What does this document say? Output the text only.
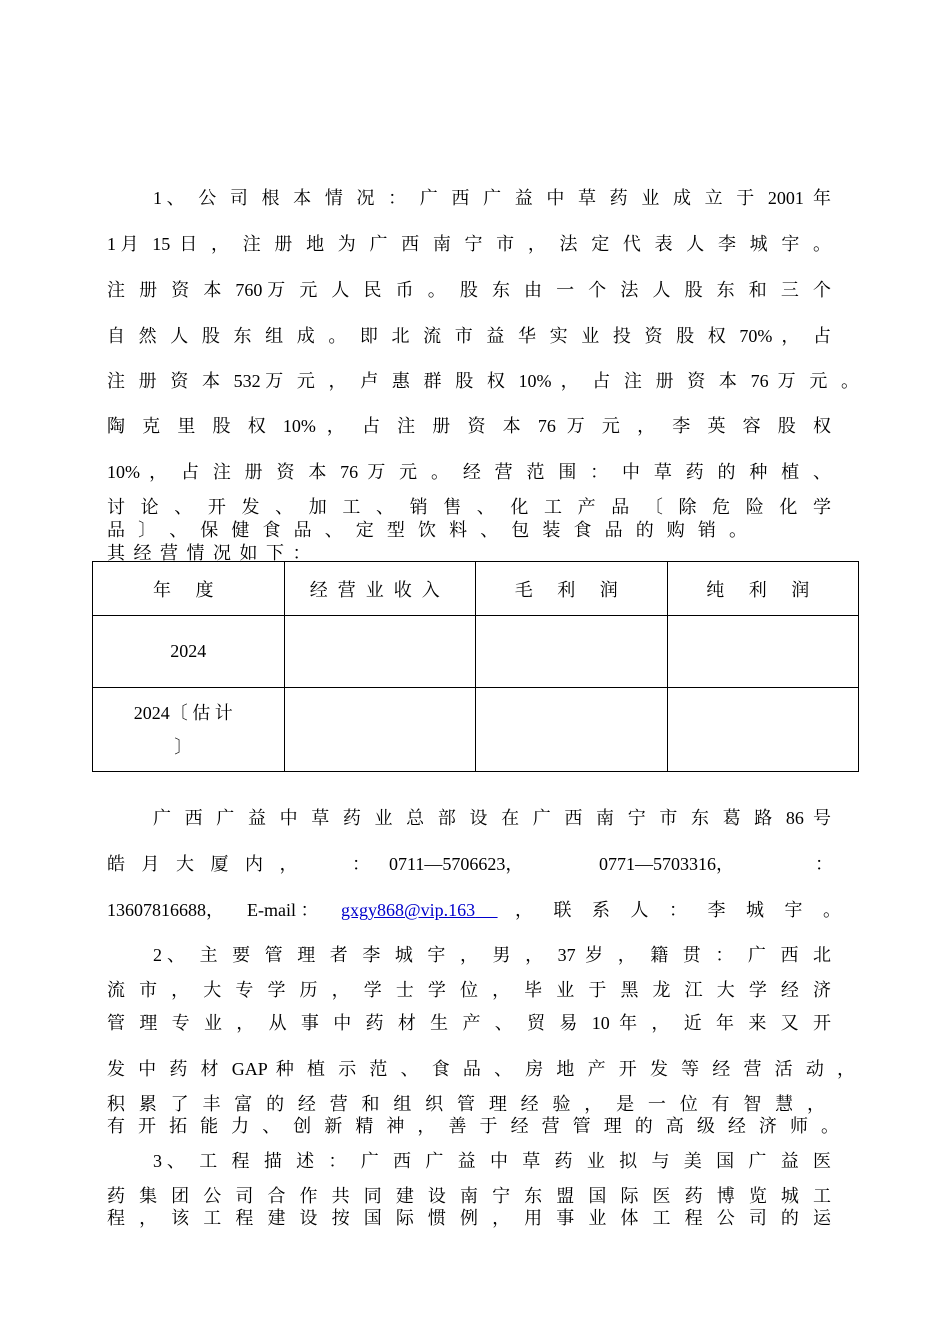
1、 公 司 根 本 情 况 ： 广 西 广 益 中 草 药 业 成 立 于 2001 年
1月 15 日 ， 注 册 地 为 广 西 南 宁 市 ， 法 定 代 表 人 李 城 宇 。
注 册 资 本 760万 元 人 民 币 。 股 东 由 一 个 法 人 股 东 和 三 个
自 然 人 股 东 组 成 。 即 北 流 市 益 华 实 业 投 资 股 权 70% ， 占
注 册 资 本 532万 元 ， 卢 惠 群 股 权 10% ， 占 注 册 资 本 76 万 元 。
陶 克 里 股 权 10% ， 占 注 册 资 本 76 万 元 ， 李 英 容 股 权
10% ， 占 注 册 资 本 76 万 元 。 经 营 范 围 ： 中 草 药 的 种 植 、
讨 论 、 开 发 、 加 工 、 销 售 、 化 工 产 品 〔 除 危 险 化 学
品 〕 、 保 健 食 品 、 定 型 饮 料 、 包 装 食 品 的 购 销 。
其 经 营 情 况 如 下 ：
年 度	经营业收入	毛 利 润	纯 利 润
2024			
2024〔 估 计 〕			
广 西 广 益 中 草 药 业 总 部 设 在 广 西 南 宁 市 东 葛 路 86 号
皓 月 大 厦 内 ，	： 0711—5706623，	0771—5703316，	：
13607816688， E-mail ： gxgy868@vip.163	， 联 系 人 ： 李 城 宇 。
2、 主 要 管 理 者 李 城 宇 ， 男 ， 37 岁 ， 籍 贯 ： 广 西 北
流 市 ， 大 专 学 历 ， 学 士 学 位 ， 毕 业 于 黑 龙 江 大 学 经 济
管 理 专 业 ， 从 事 中 药 材 生 产 、 贸 易 10 年 ， 近 年 来 又 开
发 中 药 材 GAP 种 植 示 范 、 食 品 、 房 地 产 开 发 等 经 营 活 动 ，
积 累 了 丰 富 的 经 营 和 组 织 管 理 经 验 ， 是 一 位 有 智 慧 ，
有 开 拓 能 力 、 创 新 精 神 ， 善 于 经 营 管 理 的 高 级 经 济 师 。
3、 工 程 描 述 ： 广 西 广 益 中 草 药 业 拟 与 美 国 广 益 医
药 集 团 公 司 合 作 共 同 建 设 南 宁 东 盟 国 际 医 药 博 览 城 工
程 ， 该 工 程 建 设 按 国 际 惯 例 ， 用 事 业 体 工 程 公 司 的 运
